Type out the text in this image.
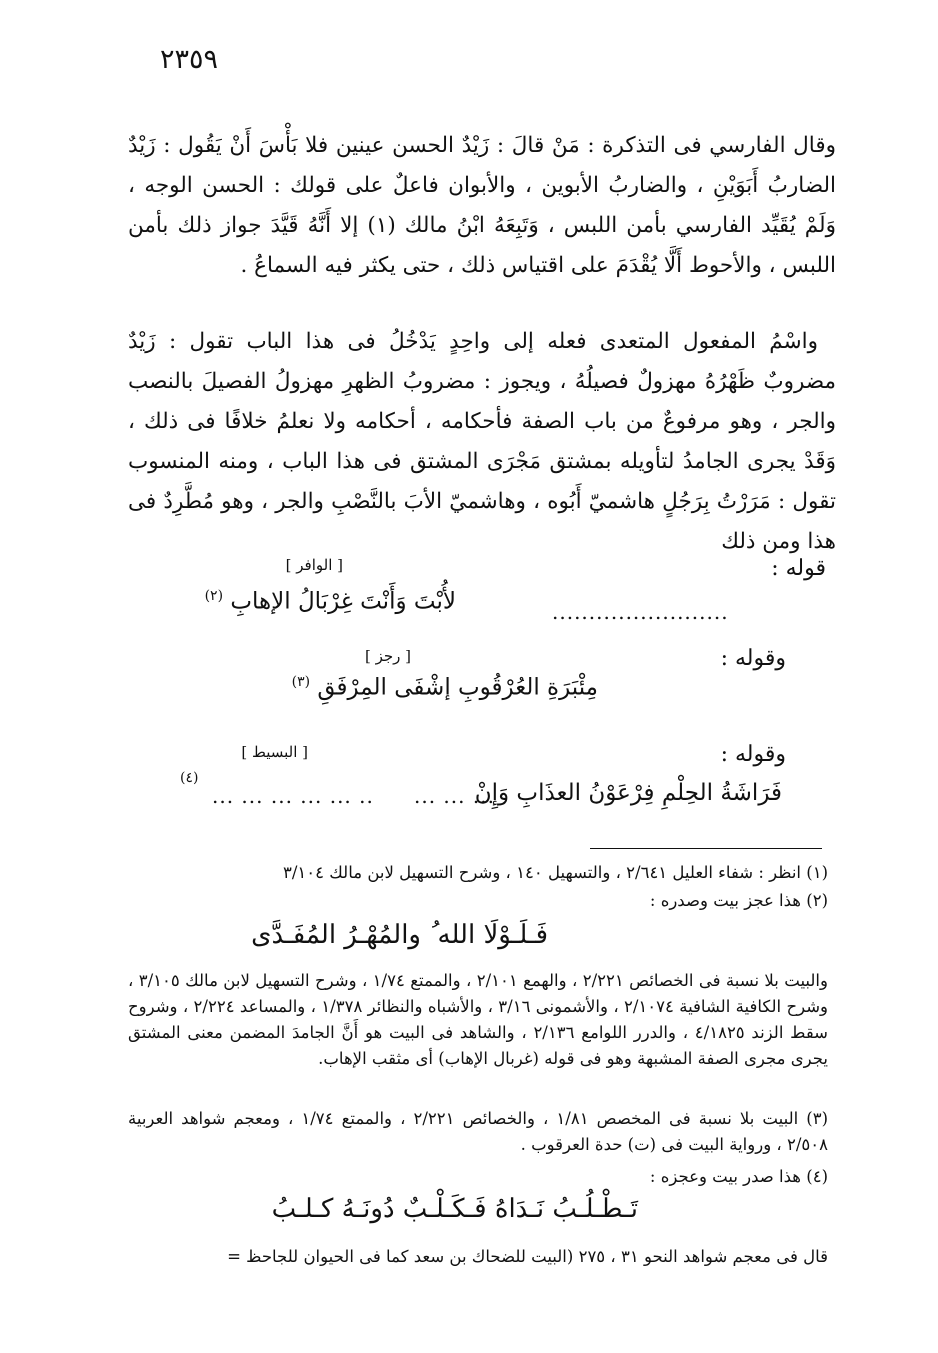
٢٣٥٩
وقال الفارسي فى التذكرة : مَنْ قالَ : زَيْدٌ الحسن عينين فلا بَأْسَ أَنْ يَقُول : زَيْدٌ الضاربُ أَبَوَيْنِ ، والضاربُ الأبوين ، والأبوان فاعلٌ على قولك : الحسن الوجه ، وَلَمْ يُقَيِّد الفارسي بأمن اللبس ، وَتَبِعَهُ ابْنُ مالك (١) إلا أَنَّهُ قَيَّدَ جواز ذلك بأمن اللبس ، والأحوط أَلَّا يُقْدَمَ على اقتياس ذلك ، حتى يكثر فيه السماعُ .
واسْمُ المفعول المتعدى فعله إلى واحِدٍ يَدْخُلُ فى هذا الباب تقول : زَيْدٌ مضروبٌ ظَهْرُهُ مهزولٌ فصيلُهُ ، ويجوز : مضروبُ الظهرِ مهزولُ الفصيلَ بالنصب والجر ، وهو مرفوعٌ من باب الصفة فأحكامه ، أحكامه ولا نعلمُ خلافًا فى ذلك ، وَقَدْ يجرى الجامدُ لتأويله بمشتق مَجْرَى المشتق فى هذا الباب ، ومنه المنسوب تقول : مَرَرْتُ بِرَجُلٍ هاشميّ أَبُوه ، وهاشميّ الأبَ بالنَّصْبِ والجر ، وهو مُطَّرِدٌ فى هذا ومن ذلك
قوله :
[ الوافر ]
لأُبْتَ وَأَنْتَ غِرْبَالُ الإهابِ $^{(٢)}$
........................
وقوله :
[ رجز ]
مِئْبَرَةِ العُرْقُوبِ إشْفَى المِرْفَقِ $^{(٣)}$
وقوله :
[ البسيط ]
فَرَاشَةُ الحِلْمِ فِرْعَوْنُ العذَابِ وَإِنْ
... ... ...
... ... ... ... ... ..
(٤)
(١) انظر : شفاء العليل ٢/٦٤١ ، والتسهيل ١٤٠ ، وشرح التسهيل لابن مالك ٣/١٠٤
(٢) هذا عجز بيت وصدره :
فَـلَـوْلَا الله ُ والمُهْـرُ المُفَـدَّى
والبيت بلا نسبة فى الخصائص ٢/٢٢١ ، والهمع ٢/١٠١ ، والممتع ١/٧٤ ، وشرح التسهيل لابن مالك ٣/١٠٥ ، وشرح الكافية الشافية ٢/١٠٧٤ ، والأشمونى ٣/١٦ ، والأشباه والنظائر ١/٣٧٨ ، والمساعد ٢/٢٢٤ ، وشروح سقط الزند ٤/١٨٢٥ ، والدرر اللوامع ٢/١٣٦ ، والشاهد فى البيت هو أَنَّ الجامدَ المضمن معنى المشتق يجرى مجرى الصفة المشبهة وهو فى قوله (غربال الإهاب) أى مثقب الإهاب.
(٣) البيت بلا نسبة فى المخصص ١/٨١ ، والخصائص ٢/٢٢١ ، والممتع ١/٧٤ ، ومعجم شواهد العربية ٢/٥٠٨ ، ورواية البيت فى (ت) حدة العرقوب .
(٤) هذا صدر بيت وعجزه :
تَـطْـلُـبُ نَـدَاهُ فَـكَـلْـبٌ دُونَـهُ كـلـبُ
قال فى معجم شواهد النحو ٣١ ، ٢٧٥ (البيت للضحاك بن سعد كما فى الحيوان للجاحظ =
